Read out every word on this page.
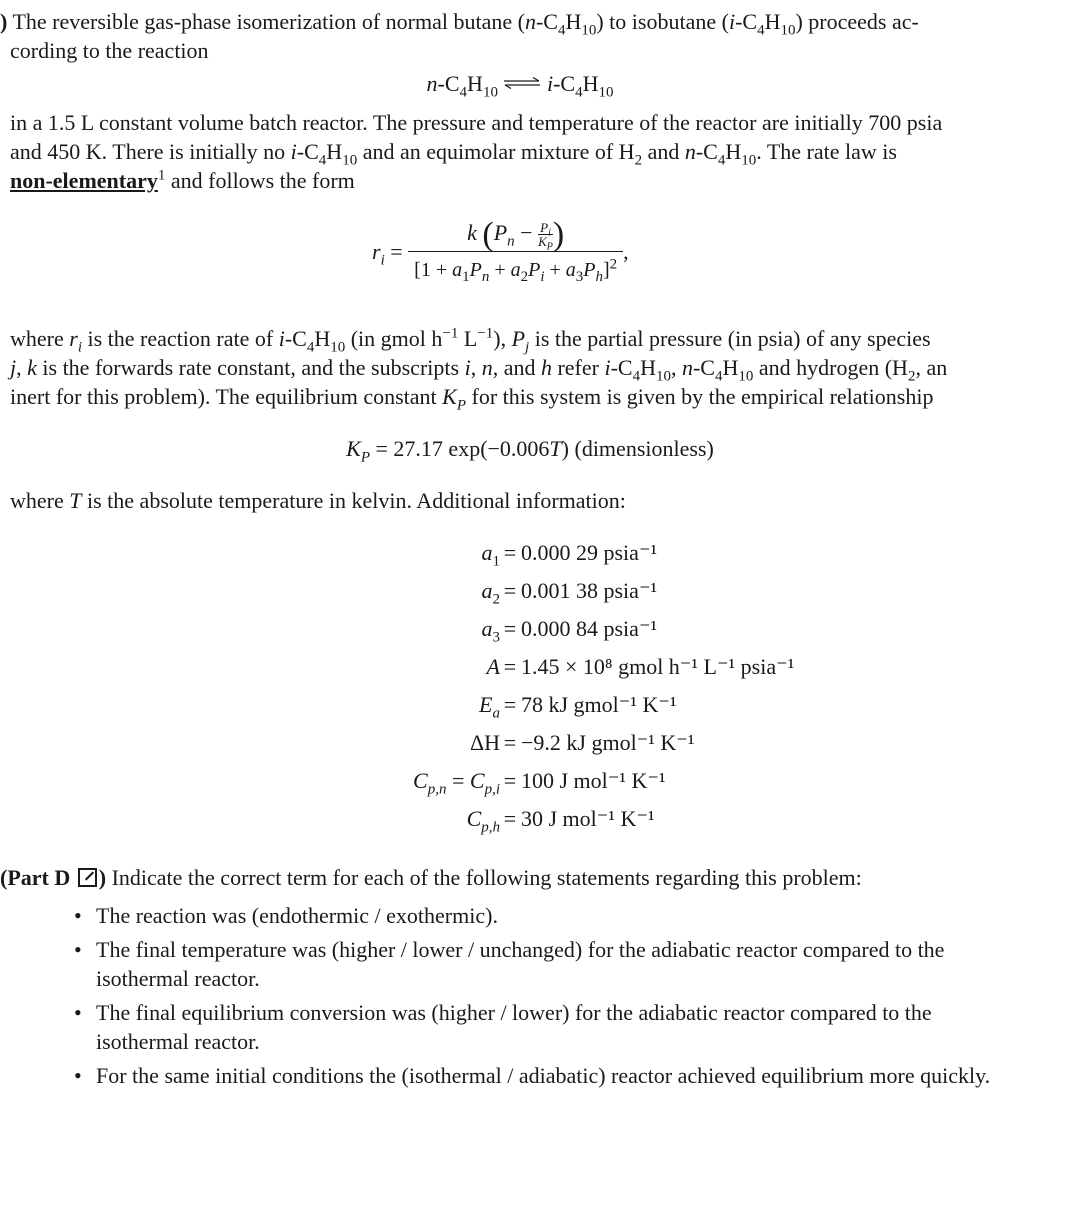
) The reversible gas-phase isomerization of normal butane $(n-C_4H_{10})$ to isobutane $(i-C_4H_{10})$ proceeds ac-
cording to the reaction

$n-C_4H_{10}$ ⇌ $i-C_4H_{10}$

in a 1.5 L constant volume batch reactor. The pressure and temperature of the reactor are initially 700 psia
and 450 K. There is initially no $i-C_4H_{10}$ and an equimolar mixture of $H_2$ and $n-C_4H_{10}$. The rate law is
non-elementary$^1$ and follows the form

$r_i = \frac{k (P_n - \frac{P_i}{K_P} )}{[1 + a_1P_n + a_2P_i + a_3P_h]^2}$ ,

where $r_i$ is the reaction rate of $i-C_4H_{10}$ (in gmol $h^{-1}$ $L^{-1}$), $P_j$ is the partial pressure (in psia) of any species
j, k is the forwards rate constant, and the subscripts i, n, and h refer $i-C_4H_{10}$, $n-C_4H_{10}$ and hydrogen ($H_2$, an
inert for this problem). The equilibrium constant $K_P$ for this system is given by the empirical relationship

$K_P = 27.17$ exp(−0.006T) (dimensionless)

where T is the absolute temperature in kelvin. Additional information:

$a_1 = 0.000$ 29 psia⁻¹
$a_2 = 0.001$ 38 psia⁻¹
$a_3 = 0.000$ 84 psia⁻¹
A = 1.45 × 10⁸ gmol h⁻¹ L⁻¹ psia⁻¹
$E_a = 78$ kJ gmol⁻¹ K⁻¹
ΔH = −9.2 kJ gmol⁻¹ K⁻¹
$C_{p,n} = C_{p,i} = 100$ J mol⁻¹ K⁻¹
$C_{p,h} = 30$ J mol⁻¹ K⁻¹

(Part D ) Indicate the correct term for each of the following statements regarding this problem:

• The reaction was (endothermic / exothermic).
• The final temperature was (higher / lower / unchanged) for the adiabatic reactor compared to the isothermal reactor.
• The final equilibrium conversion was (higher / lower) for the adiabatic reactor compared to the isothermal reactor.
• For the same initial conditions the (isothermal / adiabatic) reactor achieved equilibrium more quickly.
